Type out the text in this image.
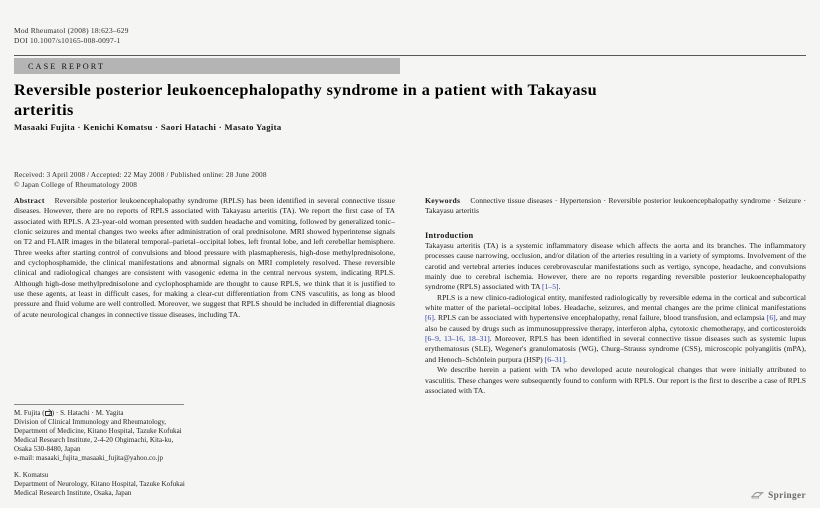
Mod Rheumatol (2008) 18:623–629
DOI 10.1007/s10165-008-0097-1
CASE REPORT
Reversible posterior leukoencephalopathy syndrome in a patient with Takayasu arteritis
Masaaki Fujita · Kenichi Komatsu · Saori Hatachi · Masato Yagita
Received: 3 April 2008 / Accepted: 22 May 2008 / Published online: 28 June 2008
© Japan College of Rheumatology 2008

Abstract Reversible posterior leukoencephalopathy syndrome (RPLS) has been identified in several connective tissue diseases. However, there are no reports of RPLS associated with Takayasu arteritis (TA). We report the first case of TA associated with RPLS. A 23-year-old woman presented with sudden headache and vomiting, followed by generalized tonic–clonic seizures and mental changes two weeks after administration of oral prednisolone. MRI showed hyperintense signals on T2 and FLAIR images in the bilateral temporal–parietal–occipital lobes, left frontal lobe, and left cerebellar hemisphere. Three weeks after starting control of convulsions and blood pressure with plasmapheresis, high-dose methylprednisolone, and cyclophosphamide, the clinical manifestations and abnormal signals on MRI completely resolved. These reversible clinical and radiological changes are consistent with vasogenic edema in the central nervous system, indicating RPLS. Although high-dose methylprednisolone and cyclophosphamide are thought to cause RPLS, we think that it is justified to use these agents, at least in difficult cases, for making a clear-cut differentiation from CNS vasculitis, as long as blood pressure and fluid volume are well controlled. Moreover, we suggest that RPLS should be included in differential diagnosis of acute neurological changes in connective tissue diseases, including TA.

Keywords Connective tissue diseases · Hypertension · Reversible posterior leukoencephalopathy syndrome · Seizure · Takayasu arteritis

Introduction

Takayasu arteritis (TA) is a systemic inflammatory disease which affects the aorta and its branches. The inflammatory processes cause narrowing, occlusion, and/or dilation of the arteries resulting in a variety of symptoms. Involvement of the carotid and vertebral arteries induces cerebrovascular manifestations such as vertigo, syncope, headache, and convulsions mainly due to cerebral ischemia. However, there are no reports regarding reversible posterior leukoencephalopathy syndrome (RPLS) associated with TA [1–5].

RPLS is a new clinico-radiological entity, manifested radiologically by reversible edema in the cortical and subcortical white matter of the parietal–occipital lobes. Headache, seizures, and mental changes are the prime clinical manifestations [6]. RPLS can be associated with hypertensive encephalopathy, renal failure, blood transfusion, and eclampsia [6], and may also be caused by drugs such as immunosuppressive therapy, interferon alpha, cytotoxic chemotherapy, and corticosteroids [6–9, 13–16, 18–31]. Moreover, RPLS has been identified in several connective tissue diseases such as systemic lupus erythematosus (SLE), Wegener's granulomatosis (WG), Churg–Strauss syndrome (CSS), microscopic polyangiitis (mPA), and Henoch–Schönlein purpura (HSP) [6–31].

We describe herein a patient with TA who developed acute neurological changes that were initially attributed to vasculitis. These changes were subsequently found to conform with RPLS. Our report is the first to describe a case of RPLS associated with TA.

M. Fujita ( ) · S. Hatachi · M. Yagita
Division of Clinical Immunology and Rheumatology,
Department of Medicine, Kitano Hospital, Tazuke Kofukai
Medical Research Institute, 2-4-20 Ohgimachi, Kita-ku,
Osaka 530-8480, Japan
e-mail: masaaki_fujita_masaaki_fujita@yahoo.co.jp
K. Komatsu
Department of Neurology, Kitano Hospital, Tazuke Kofukai
Medical Research Institute, Osaka, Japan	Springer
